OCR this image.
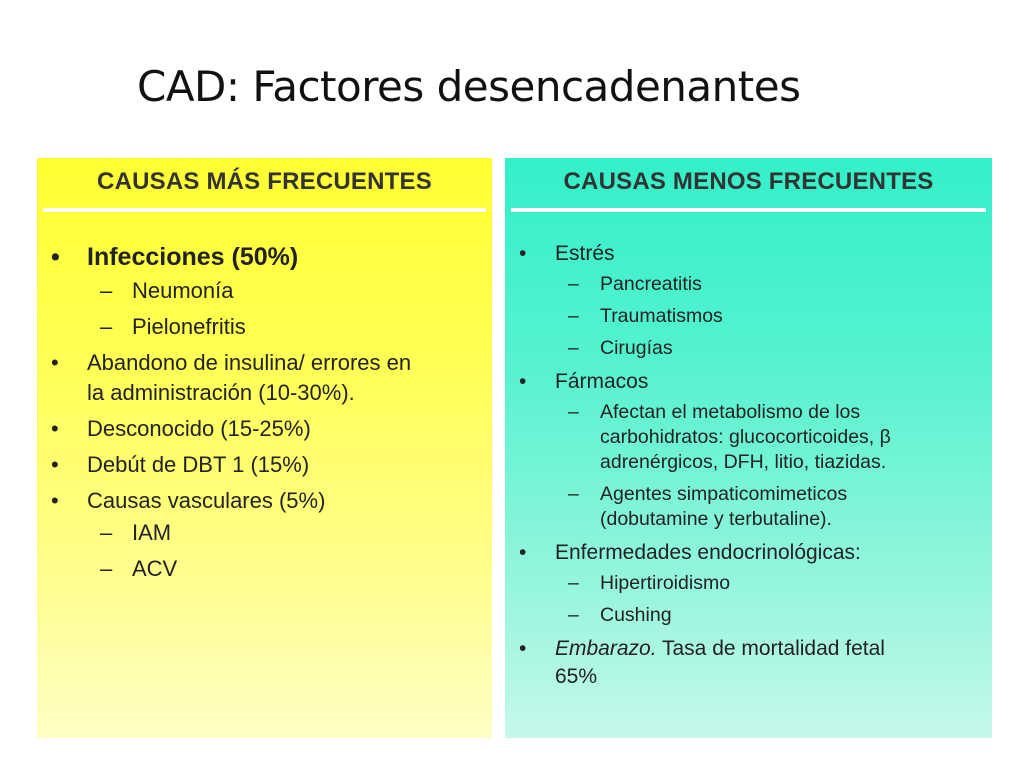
CAD: Factores desencadenantes
CAUSAS MÁS FRECUENTES
• Infecciones (50%)
– Neumonía
– Pielonefritis
• Abandono de insulina/ errores en
la administración (10-30%).
• Desconocido (15-25%)
• Debút de DBT 1 (15%)
• Causas vasculares (5%)
– IAM
– ACV
CAUSAS MENOS FRECUENTES
• Estrés
– Pancreatitis
– Traumatismos
– Cirugías
• Fármacos
– Afectan el metabolismo de los
carbohidratos: glucocorticoides, β
adrenérgicos, DFH, litio, tiazidas.
– Agentes simpaticomimeticos
(dobutamine y terbutaline).
• Enfermedades endocrinológicas:
– Hipertiroidismo
– Cushing
• Embarazo. Tasa de mortalidad fetal
65%
